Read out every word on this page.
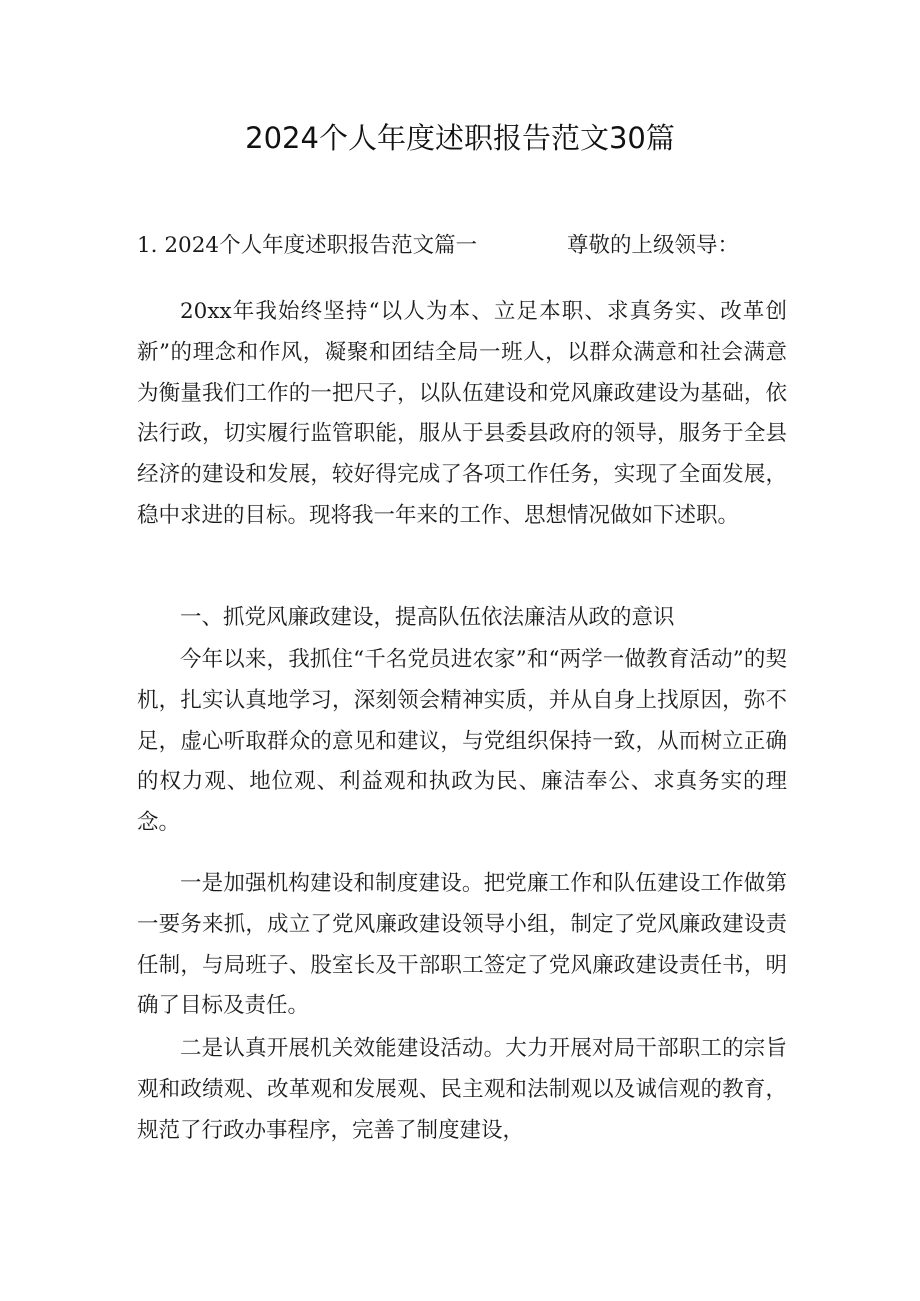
2024个人年度述职报告范文30篇
1. 2024个人年度述职报告范文篇一	尊敬的上级领导：

20xx年我始终坚持“以人为本、立足本职、求真务实、改革创新”的理念和作风，凝聚和团结全局一班人，以群众满意和社会满意为衡量我们工作的一把尺子，以队伍建设和党风廉政建设为基础，依法行政，切实履行监管职能，服从于县委县政府的领导，服务于全县经济的建设和发展，较好得完成了各项工作任务，实现了全面发展，稳中求进的目标。现将我一年来的工作、思想情况做如下述职。

一、抓党风廉政建设，提高队伍依法廉洁从政的意识

今年以来，我抓住“千名党员进农家”和“两学一做教育活动”的契机，扎实认真地学习，深刻领会精神实质，并从自身上找原因，弥不足，虚心听取群众的意见和建议，与党组织保持一致，从而树立正确的权力观、地位观、利益观和执政为民、廉洁奉公、求真务实的理念。

一是加强机构建设和制度建设。把党廉工作和队伍建设工作做第一要务来抓，成立了党风廉政建设领导小组，制定了党风廉政建设责任制，与局班子、股室长及干部职工签定了党风廉政建设责任书，明确了目标及责任。

二是认真开展机关效能建设活动。大力开展对局干部职工的宗旨观和政绩观、改革观和发展观、民主观和法制观以及诚信观的教育，规范了行政办事程序，完善了制度建设，
